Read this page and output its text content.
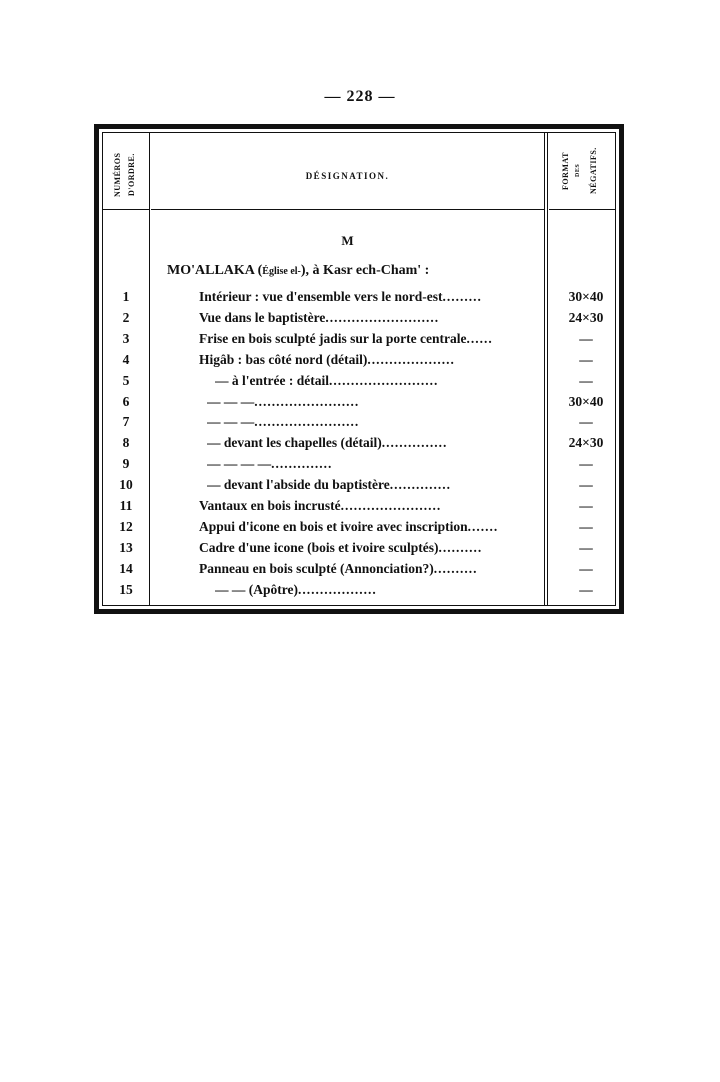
— 228 —
NUMÉROS D'ORDRE.	DÉSIGNATION.	FORMAT DES NÉGATIFS.
M
MO'ALLAKA (Église el-), à Kasr ech-Cham' :
1	Intérieur : vue d'ensemble vers le nord-est.........	30×40
2	Vue dans le baptistère..........................	24×30
3	Frise en bois sculpté jadis sur la porte centrale......	—
4	Higâb : bas côté nord (détail)....................	—
5	— à l'entrée : détail.........................	—
6	— — —........................	30×40
7	— — —........................	—
8	— devant les chapelles (détail)...............	24×30
9	— — — —..............	—
10	— devant l'abside du baptistère..............	—
11	Vantaux en bois incrusté.......................	—
12	Appui d'icone en bois et ivoire avec inscription.......	—
13	Cadre d'une icone (bois et ivoire sculptés)..........	—
14	Panneau en bois sculpté (Annonciation?)..........	—
15	— — (Apôtre)..................	—
